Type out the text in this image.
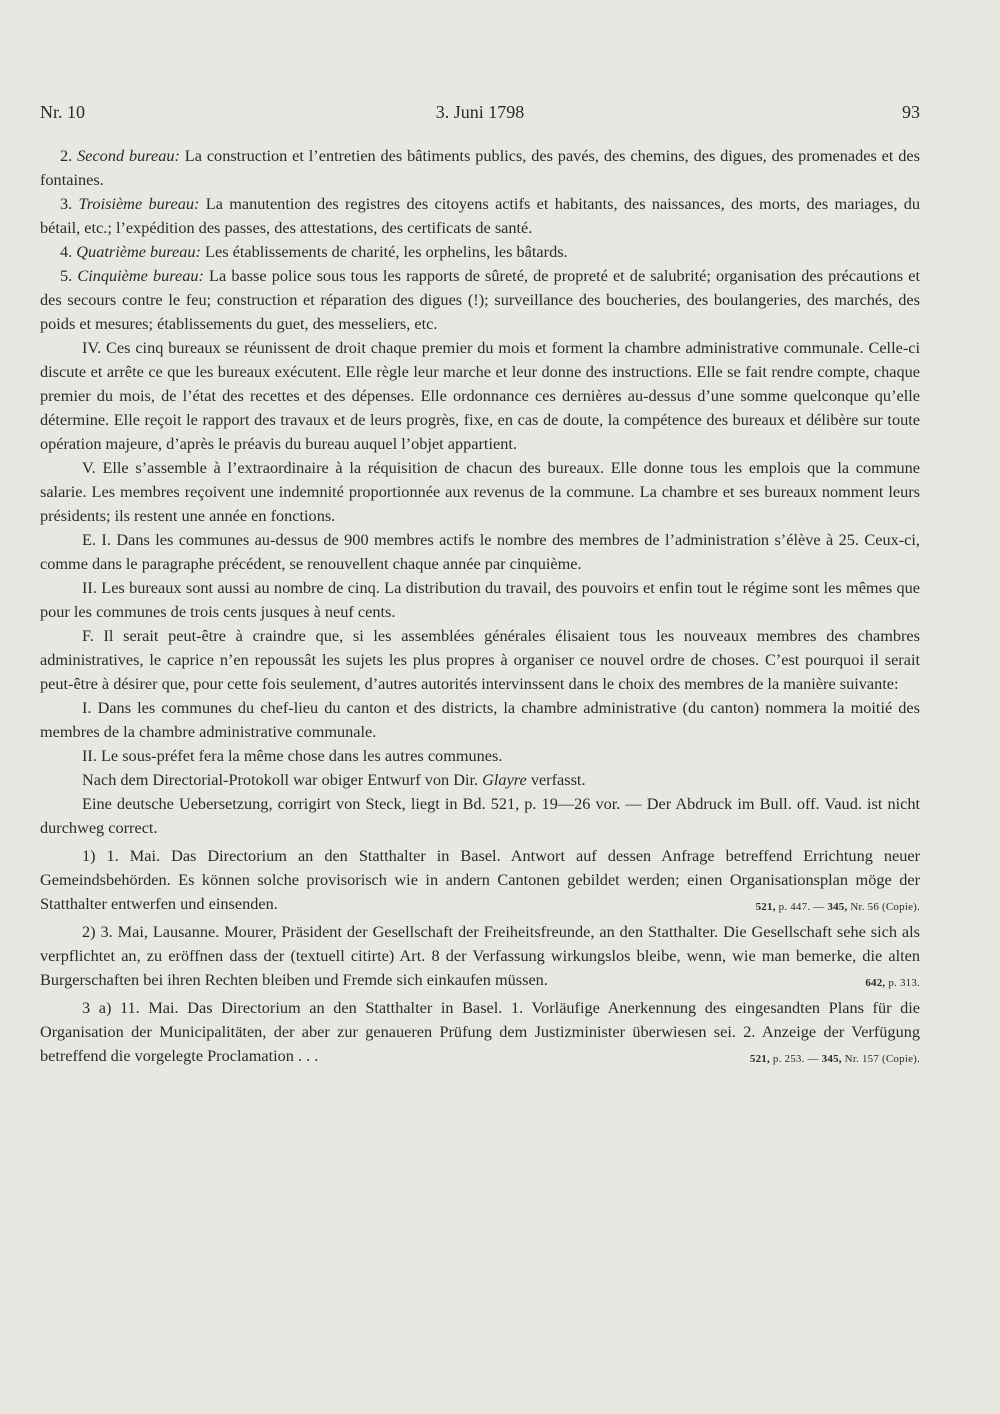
Nr. 10	3. Juni 1798	93

2. Second bureau: La construction et l’entretien des bâtiments publics, des pavés, des chemins, des digues, des promenades et des fontaines.

3. Troisième bureau: La manutention des registres des citoyens actifs et habitants, des naissances, des morts, des mariages, du bétail, etc.; l’expédition des passes, des attestations, des certificats de santé.

4. Quatrième bureau: Les établissements de charité, les orphelins, les bâtards.

5. Cinquième bureau: La basse police sous tous les rapports de sûreté, de propreté et de salubrité; organisation des précautions et des secours contre le feu; construction et réparation des digues (!); surveillance des boucheries, des boulangeries, des marchés, des poids et mesures; établissements du guet, des messeliers, etc.

IV. Ces cinq bureaux se réunissent de droit chaque premier du mois et forment la chambre administrative communale. Celle-ci discute et arrête ce que les bureaux exécutent. Elle règle leur marche et leur donne des instructions. Elle se fait rendre compte, chaque premier du mois, de l’état des recettes et des dépenses. Elle ordonnance ces dernières au-dessus d’une somme quelconque qu’elle détermine. Elle reçoit le rapport des travaux et de leurs progrès, fixe, en cas de doute, la compétence des bureaux et délibère sur toute opération majeure, d’après le préavis du bureau auquel l’objet appartient.

V. Elle s’assemble à l’extraordinaire à la réquisition de chacun des bureaux. Elle donne tous les emplois que la commune salarie. Les membres reçoivent une indemnité proportionnée aux revenus de la commune. La chambre et ses bureaux nomment leurs présidents; ils restent une année en fonctions.

E. I. Dans les communes au-dessus de 900 membres actifs le nombre des membres de l’administration s’élève à 25. Ceux-ci, comme dans le paragraphe précédent, se renouvellent chaque année par cinquième.

II. Les bureaux sont aussi au nombre de cinq. La distribution du travail, des pouvoirs et enfin tout le régime sont les mêmes que pour les communes de trois cents jusques à neuf cents.

F. Il serait peut-être à craindre que, si les assemblées générales élisaient tous les nouveaux membres des chambres administratives, le caprice n’en repoussât les sujets les plus propres à organiser ce nouvel ordre de choses. C’est pourquoi il serait peut-être à désirer que, pour cette fois seulement, d’autres autorités intervinssent dans le choix des membres de la manière suivante:

I. Dans les communes du chef-lieu du canton et des districts, la chambre administrative (du canton) nommera la moitié des membres de la chambre administrative communale.

II. Le sous-préfet fera la même chose dans les autres communes.

Nach dem Directorial-Protokoll war obiger Entwurf von Dir. Glayre verfasst.

Eine deutsche Uebersetzung, corrigirt von Steck, liegt in Bd. 521, p. 19—26 vor. — Der Abdruck im Bull. off. Vaud. ist nicht durchweg correct.

1) 1. Mai. Das Directorium an den Statthalter in Basel. Antwort auf dessen Anfrage betreffend Errichtung neuer Gemeindsbehörden. Es können solche provisorisch wie in andern Cantonen gebildet werden; einen Organisationsplan möge der Statthalter entwerfen und einsenden.	521, p. 447. — 345, Nr. 56 (Copie).

2) 3. Mai, Lausanne. Mourer, Präsident der Gesellschaft der Freiheitsfreunde, an den Statthalter. Die Gesellschaft sehe sich als verpflichtet an, zu eröffnen dass der (textuell citirte) Art. 8 der Verfassung wirkungslos bleibe, wenn, wie man bemerke, die alten Burgerschaften bei ihren Rechten bleiben und Fremde sich einkaufen müssen.	642, p. 313.

3 a) 11. Mai. Das Directorium an den Statthalter in Basel. 1. Vorläufige Anerkennung des eingesandten Plans für die Organisation der Municipalitäten, der aber zur genaueren Prüfung dem Justizminister überwiesen sei. 2. Anzeige der Verfügung betreffend die vorgelegte Proclamation . . .	521, p. 253. — 345, Nr. 157 (Copie).
